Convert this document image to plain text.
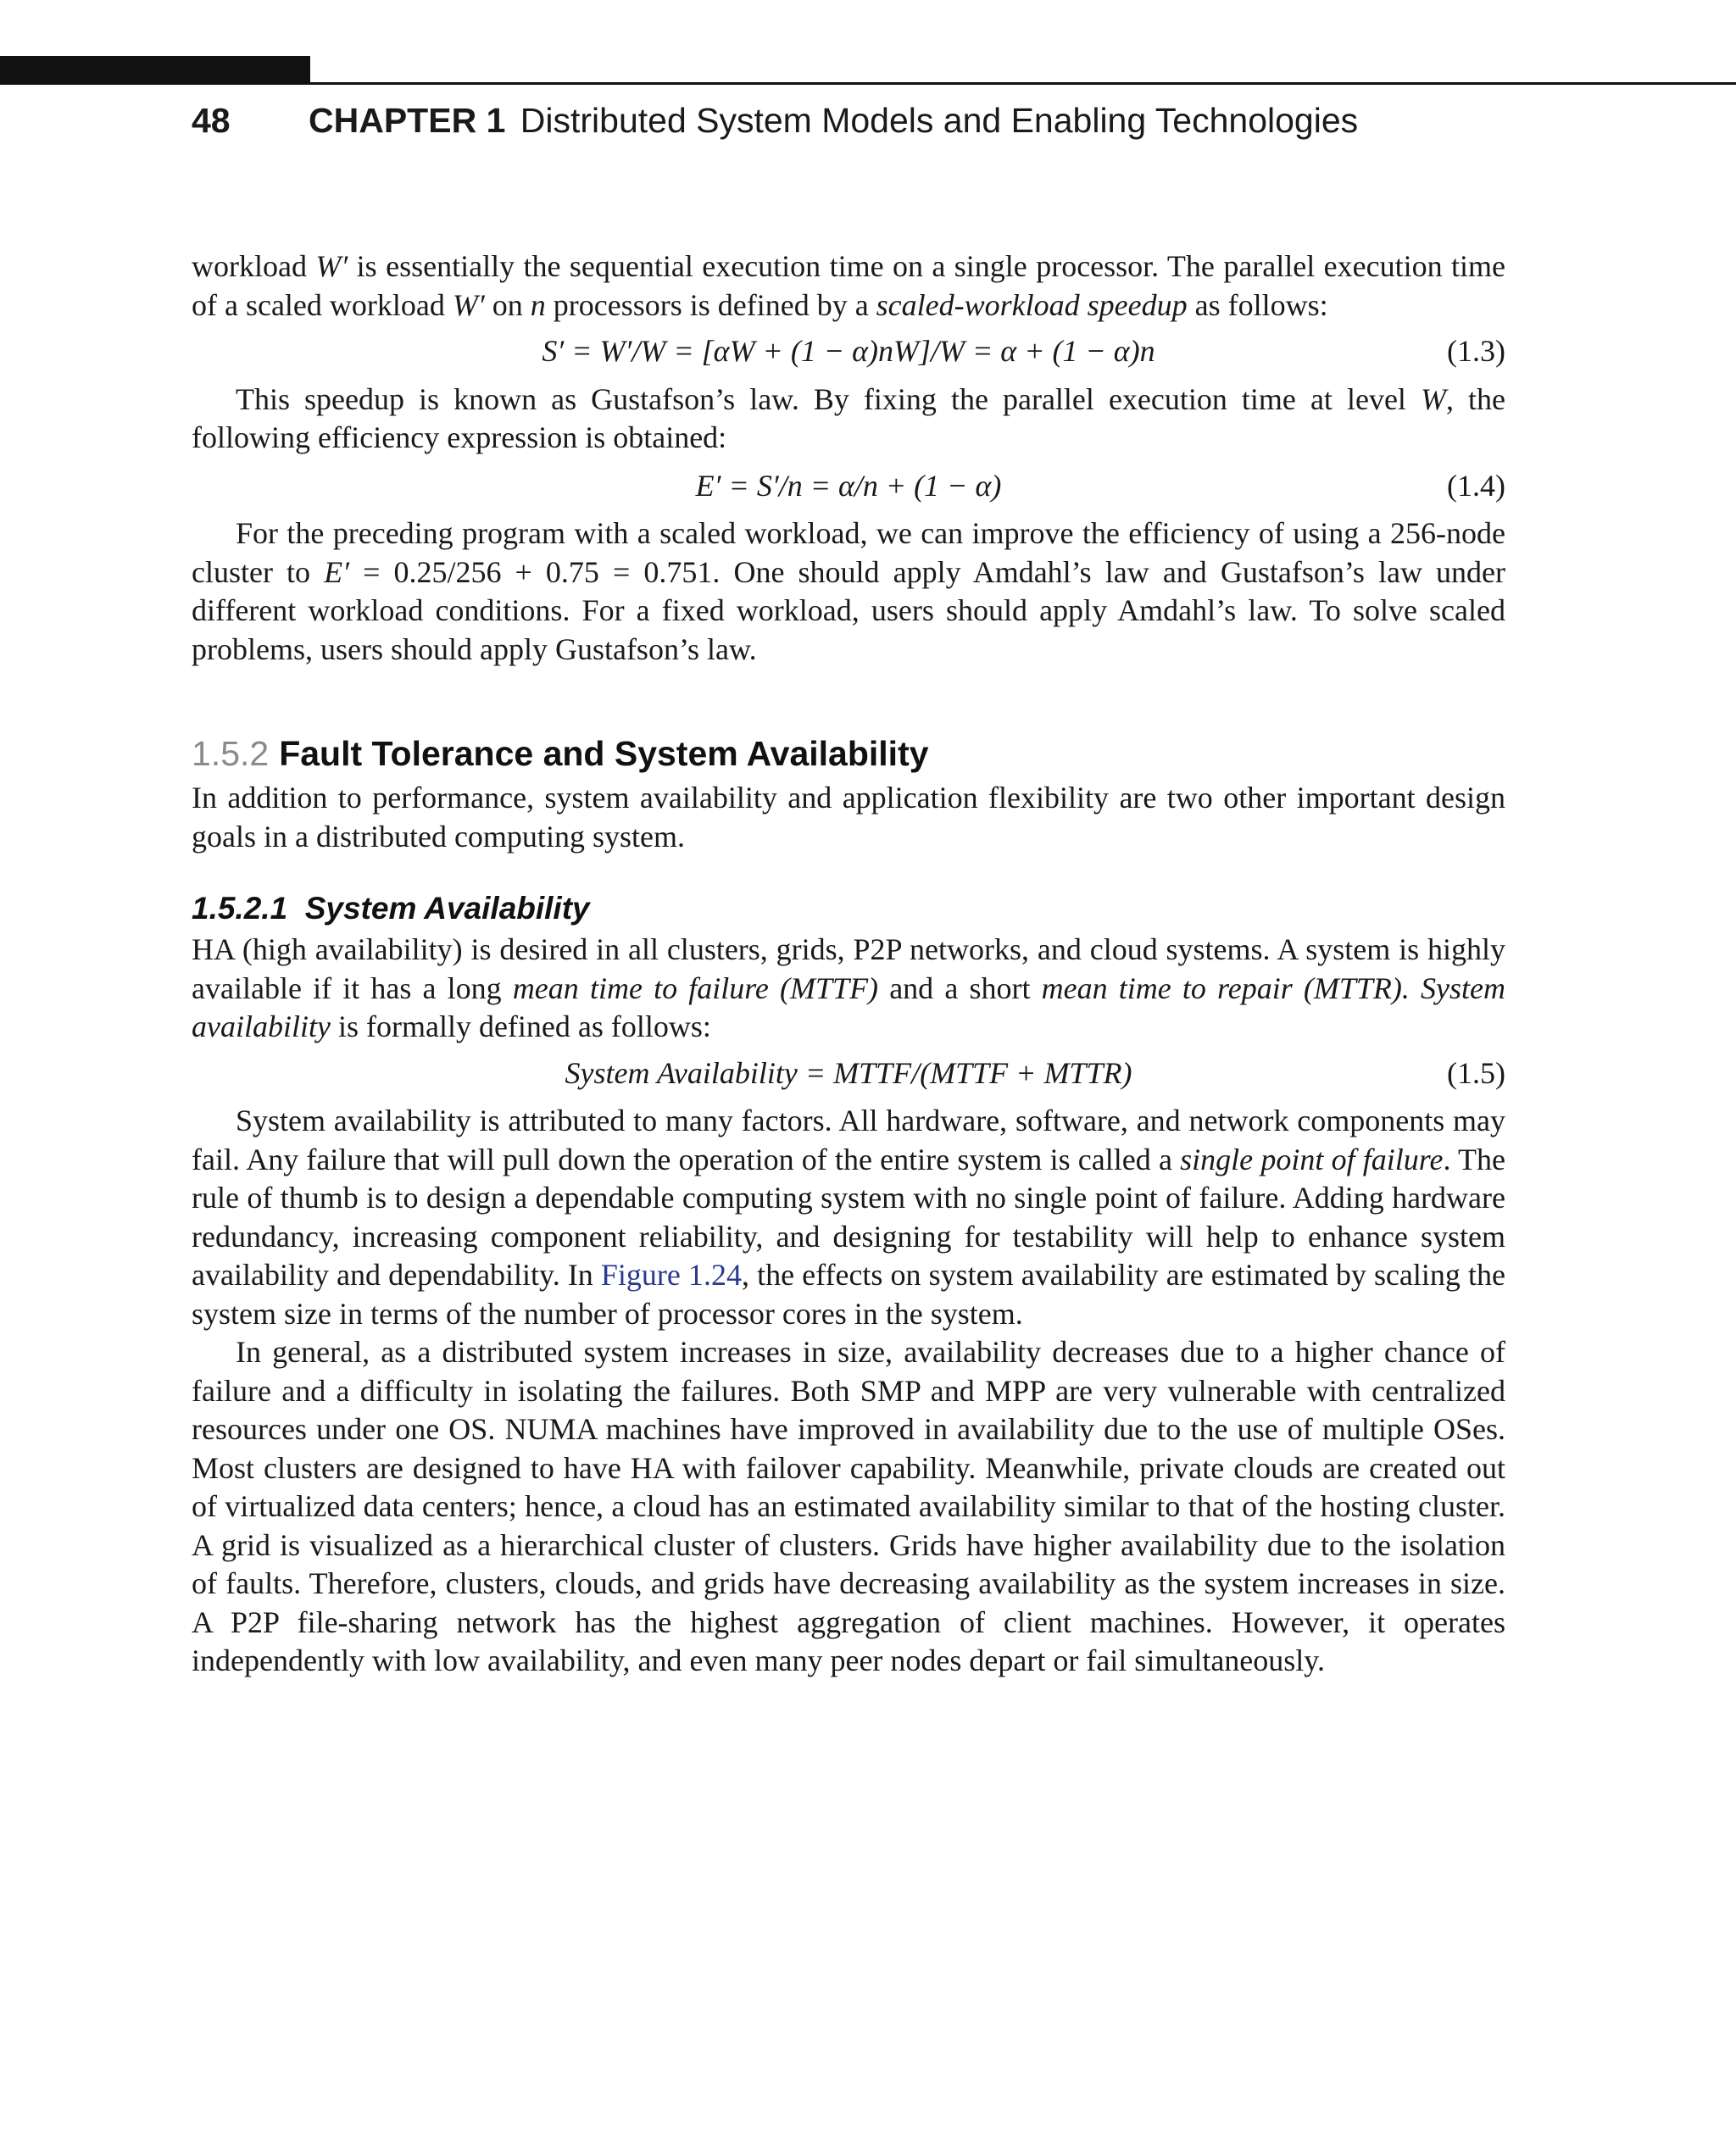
48 CHAPTER 1 Distributed System Models and Enabling Technologies

workload W′ is essentially the sequential execution time on a single processor. The parallel execution time of a scaled workload W′ on n processors is defined by a scaled-workload speedup as follows:

S′ = W′/W = [αW + (1 − α)nW]/W = α + (1 − α)n	(1.3)

This speedup is known as Gustafson’s law. By fixing the parallel execution time at level W, the following efficiency expression is obtained:

E′ = S′/n = α/n + (1 − α)	(1.4)

For the preceding program with a scaled workload, we can improve the efficiency of using a 256-node cluster to E′ = 0.25/256 + 0.75 = 0.751. One should apply Amdahl’s law and Gustafson’s law under different workload conditions. For a fixed workload, users should apply Amdahl’s law. To solve scaled problems, users should apply Gustafson’s law.

1.5.2 Fault Tolerance and System Availability

In addition to performance, system availability and application flexibility are two other important design goals in a distributed computing system.

1.5.2.1 System Availability

HA (high availability) is desired in all clusters, grids, P2P networks, and cloud systems. A system is highly available if it has a long mean time to failure (MTTF) and a short mean time to repair (MTTR). System availability is formally defined as follows:

System Availability = MTTF/(MTTF + MTTR)	(1.5)

System availability is attributed to many factors. All hardware, software, and network components may fail. Any failure that will pull down the operation of the entire system is called a single point of failure. The rule of thumb is to design a dependable computing system with no single point of failure. Adding hardware redundancy, increasing component reliability, and designing for testability will help to enhance system availability and dependability. In Figure 1.24, the effects on system availability are estimated by scaling the system size in terms of the number of processor cores in the system.

In general, as a distributed system increases in size, availability decreases due to a higher chance of failure and a difficulty in isolating the failures. Both SMP and MPP are very vulnerable with centralized resources under one OS. NUMA machines have improved in availability due to the use of multiple OSes. Most clusters are designed to have HA with failover capability. Meanwhile, private clouds are created out of virtualized data centers; hence, a cloud has an estimated availability similar to that of the hosting cluster. A grid is visualized as a hierarchical cluster of clusters. Grids have higher availability due to the isolation of faults. Therefore, clusters, clouds, and grids have decreasing availability as the system increases in size. A P2P file-sharing network has the highest aggregation of client machines. However, it operates independently with low availability, and even many peer nodes depart or fail simultaneously.
